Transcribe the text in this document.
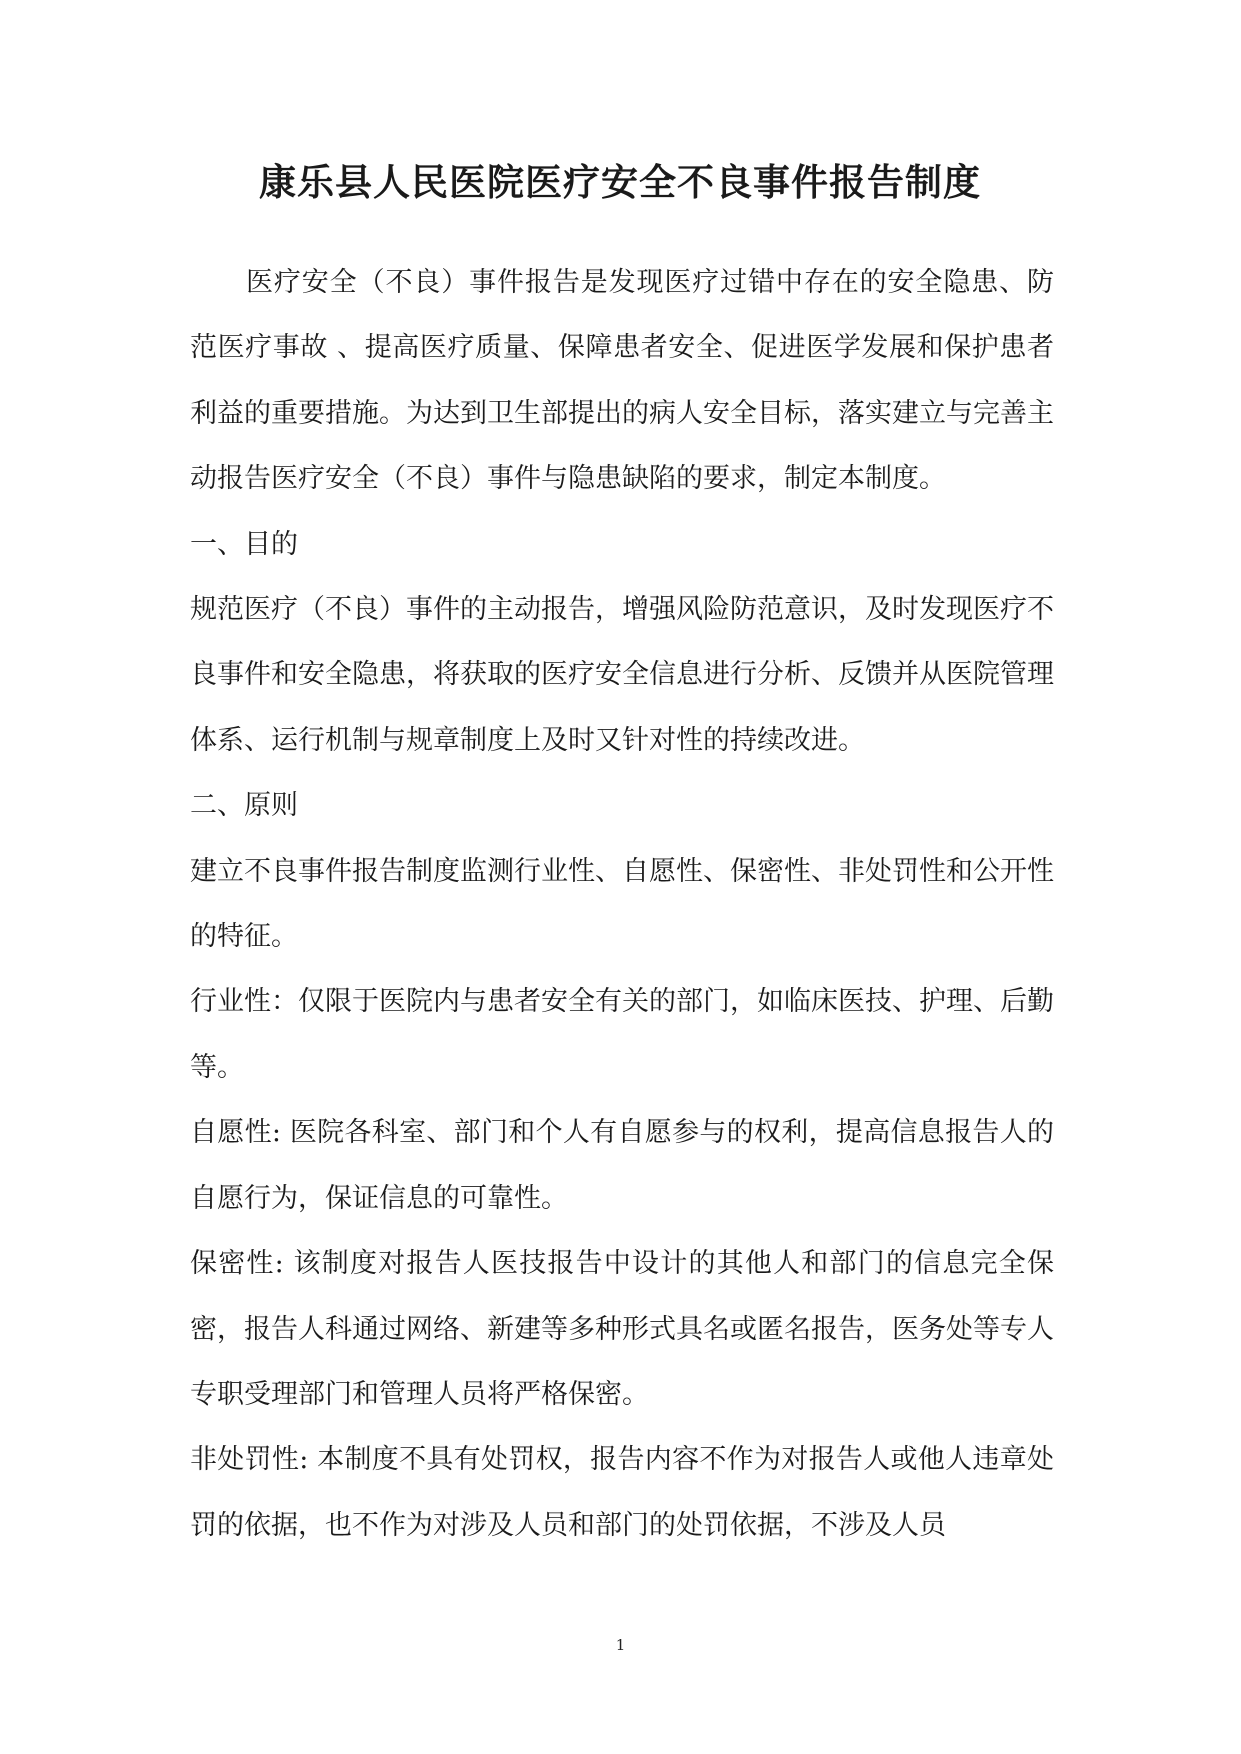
康乐县人民医院医疗安全不良事件报告制度

医疗安全（不良）事件报告是发现医疗过错中存在的安全隐患、防范医疗事故 、提高医疗质量、保障患者安全、促进医学发展和保护患者利益的重要措施。为达到卫生部提出的病人安全目标，落实建立与完善主动报告医疗安全（不良）事件与隐患缺陷的要求，制定本制度。

一、目的

规范医疗（不良）事件的主动报告，增强风险防范意识，及时发现医疗不良事件和安全隐患，将获取的医疗安全信息进行分析、反馈并从医院管理体系、运行机制与规章制度上及时又针对性的持续改进。

二、原则

建立不良事件报告制度监测行业性、自愿性、保密性、非处罚性和公开性的特征。

行业性：仅限于医院内与患者安全有关的部门，如临床医技、护理、后勤等。

自愿性: 医院各科室、部门和个人有自愿参与的权利，提高信息报告人的自愿行为，保证信息的可靠性。

保密性: 该制度对报告人医技报告中设计的其他人和部门的信息完全保密，报告人科通过网络、新建等多种形式具名或匿名报告，医务处等专人专职受理部门和管理人员将严格保密。

非处罚性: 本制度不具有处罚权，报告内容不作为对报告人或他人违章处罚的依据，也不作为对涉及人员和部门的处罚依据，不涉及人员

1
